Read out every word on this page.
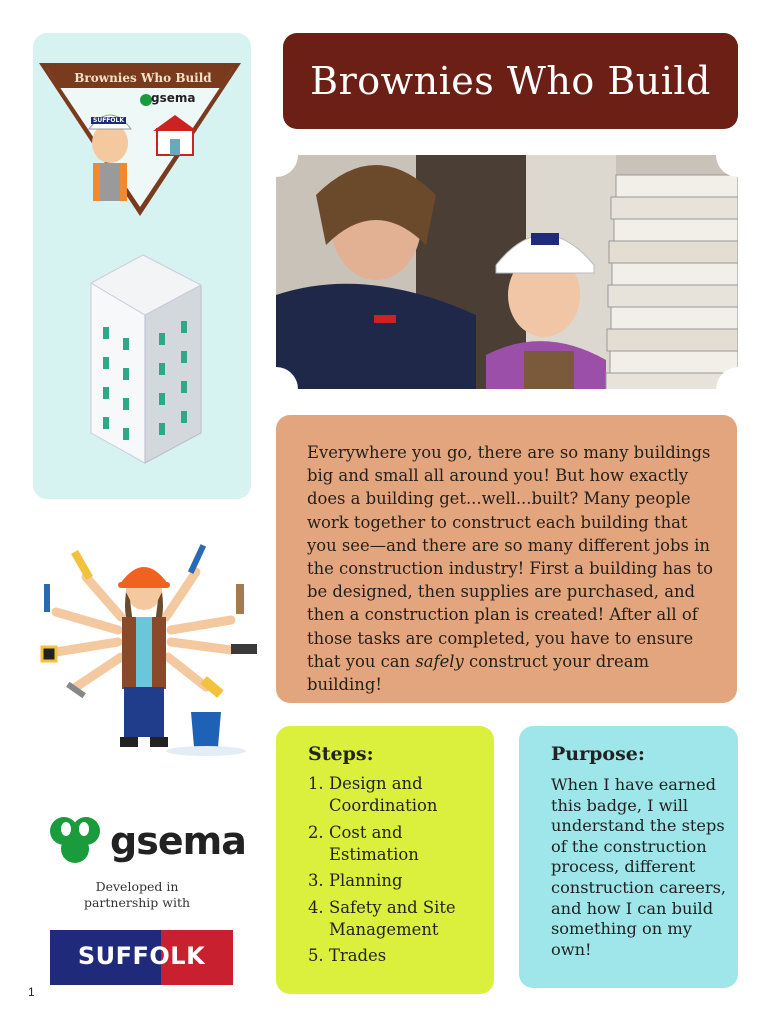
Brownies Who Build
gsema
SUFFOLK
Brownies Who Build
Everywhere you go, there are so many buildings big and small all around you! But how exactly does a building get...well...built? Many people work together to construct each building that you see—and there are so many different jobs in the construction industry! First a building has to be designed, then supplies are purchased, and then a construction plan is created! After all of those tasks are completed, you have to ensure that you can safely construct your dream building!
gsema
Developed in partnership with
SUFFOLK
Steps:
1. Design and Coordination
2. Cost and Estimation
3. Planning
4. Safety and Site Management
5. Trades
Purpose:
When I have earned this badge, I will understand the steps of the construction process, different construction careers, and how I can build something on my own!
1
